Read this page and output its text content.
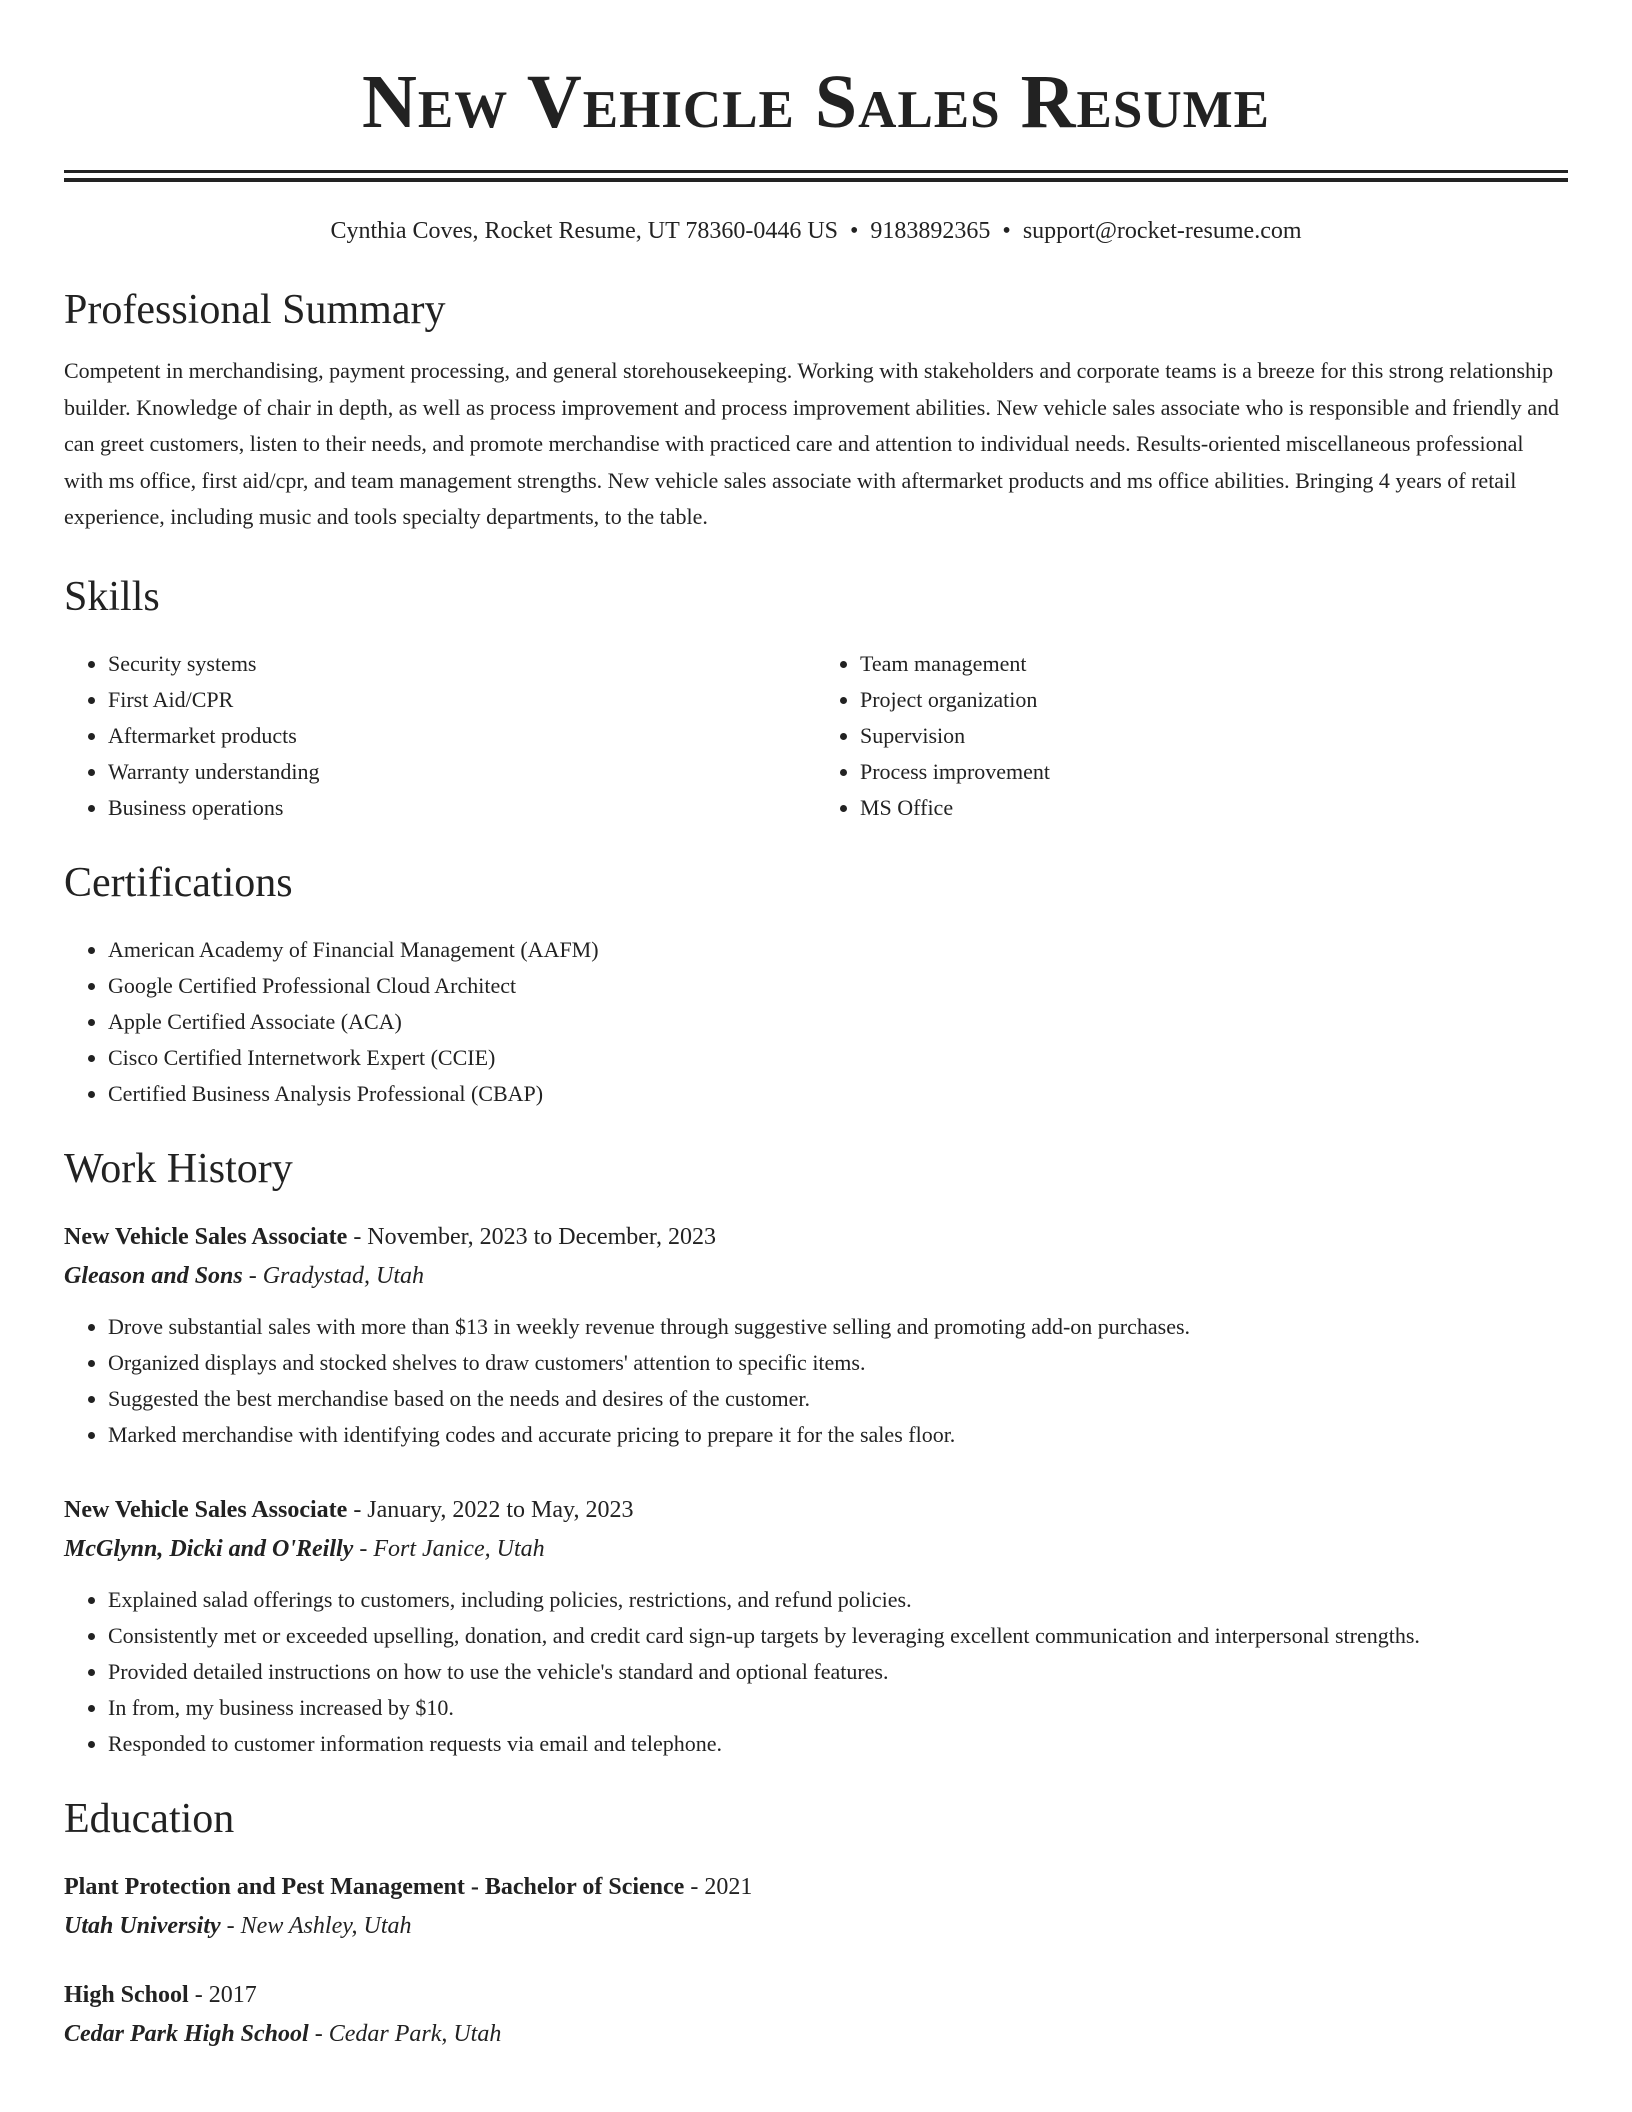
New Vehicle Sales Resume
Cynthia Coves, Rocket Resume, UT 78360-0446 US • 9183892365 • support@rocket-resume.com
Professional Summary

Competent in merchandising, payment processing, and general storehousekeeping. Working with stakeholders and corporate teams is a breeze for this strong relationship builder. Knowledge of chair in depth, as well as process improvement and process improvement abilities. New vehicle sales associate who is responsible and friendly and can greet customers, listen to their needs, and promote merchandise with practiced care and attention to individual needs. Results-oriented miscellaneous professional with ms office, first aid/cpr, and team management strengths. New vehicle sales associate with aftermarket products and ms office abilities. Bringing 4 years of retail experience, including music and tools specialty departments, to the table.

Skills
• Security systems
• First Aid/CPR
• Aftermarket products
• Warranty understanding
• Business operations
• Team management
• Project organization
• Supervision
• Process improvement
• MS Office
Certifications
• American Academy of Financial Management (AAFM)
• Google Certified Professional Cloud Architect
• Apple Certified Associate (ACA)
• Cisco Certified Internetwork Expert (CCIE)
• Certified Business Analysis Professional (CBAP)
Work History
New Vehicle Sales Associate - November, 2023 to December, 2023
Gleason and Sons - Gradystad, Utah
• Drove substantial sales with more than $13 in weekly revenue through suggestive selling and promoting add-on purchases.
• Organized displays and stocked shelves to draw customers' attention to specific items.
• Suggested the best merchandise based on the needs and desires of the customer.
• Marked merchandise with identifying codes and accurate pricing to prepare it for the sales floor.
New Vehicle Sales Associate - January, 2022 to May, 2023
McGlynn, Dicki and O'Reilly - Fort Janice, Utah
• Explained salad offerings to customers, including policies, restrictions, and refund policies.
• Consistently met or exceeded upselling, donation, and credit card sign-up targets by leveraging excellent communication and interpersonal strengths.
• Provided detailed instructions on how to use the vehicle's standard and optional features.
• In from, my business increased by $10.
• Responded to customer information requests via email and telephone.
Education
Plant Protection and Pest Management - Bachelor of Science - 2021
Utah University - New Ashley, Utah
High School - 2017
Cedar Park High School - Cedar Park, Utah
